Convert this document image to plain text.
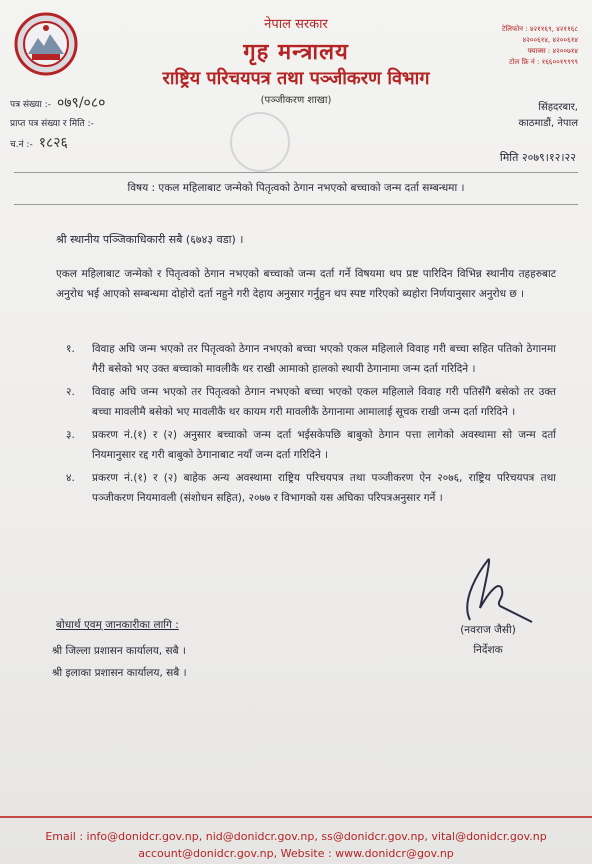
नेपाल सरकार
गृह मन्त्रालय
राष्ट्रिय परिचयपत्र तथा पञ्जीकरण विभाग
(पञ्जीकरण शाखा)
टेलिफोन : ४२११६९, ४२११६८
४२००६१४, ४२००६१४
फ्याक्स : ४२००७१४
टोल फ्रि नं : १६६००१९९९९
पत्र संख्या :- ०७९/०८०
प्राप्त पत्र संख्या र मिति :-
च.नं :- १८२६
सिंहदरबार,
काठमाडौं, नेपाल
मिति २०७९।१२।२२
विषय : एकल महिलाबाट जन्मेको पितृत्वको ठेगान नभएको बच्चाको जन्म दर्ता सम्बन्धमा ।
श्री स्थानीय पञ्जिकाधिकारी सबै (६७४३ वडा) ।
एकल महिलाबाट जन्मेको र पितृत्वको ठेगान नभएको बच्चाको जन्म दर्ता गर्ने विषयमा थप प्रष्ट पारिदिन विभिन्न स्थानीय तहहरुबाट अनुरोध भई आएको सम्बन्धमा दोहोरो दर्ता नहुने गरी देहाय अनुसार गर्नुहुन थप स्पष्ट गरिएको ब्यहोरा निर्णयानुसार अनुरोध छ ।
१. विवाह अघि जन्म भएको तर पितृत्वको ठेगान नभएको बच्चा भएको एकल महिलाले विवाह गरी बच्चा सहित पतिको ठेगानमा गैरी बसेको भए उक्त बच्चाको मावलीकै थर राखी आमाको हालको स्थायी ठेगानामा जन्म दर्ता गरिदिने ।
२. विवाह अघि जन्म भएको तर पितृत्वको ठेगान नभएको बच्चा भएको एकल महिलाले विवाह गरी पतिसँगै बसेको तर उक्त बच्चा मावलीमै बसेको भए मावलीकै थर कायम गरी मावलीकै ठेगानामा आमालाई सूचक राखी जन्म दर्ता गरिदिने ।
३. प्रकरण नं.(१) र (२) अनुसार बच्चाको जन्म दर्ता भईसकेपछि बाबुको ठेगान पत्ता लागेको अवस्थामा सो जन्म दर्ता नियमानुसार रद्द गरी बाबुको ठेगानाबाट नयाँ जन्म दर्ता गरिदिने ।
४. प्रकरण नं.(१) र (२) बाहेक अन्य अवस्थामा राष्ट्रिय परिचयपत्र तथा पञ्जीकरण ऐन २०७६, राष्ट्रिय परिचयपत्र तथा पञ्जीकरण नियमावली (संशोधन सहित), २०७७ र विभागको यस अघिका परिपत्रअनुसार गर्ने ।
(नवराज जैसी)
निर्देशक
बोधार्थ एवम् जानकारीका लागि :
श्री जिल्ला प्रशासन कार्यालय, सबै ।
श्री इलाका प्रशासन कार्यालय, सबै ।
Email : info@donidcr.gov.np, nid@donidcr.gov.np, ss@donidcr.gov.np, vital@donidcr.gov.np
account@donidcr.gov.np, Website : www.donidcr@gov.np
